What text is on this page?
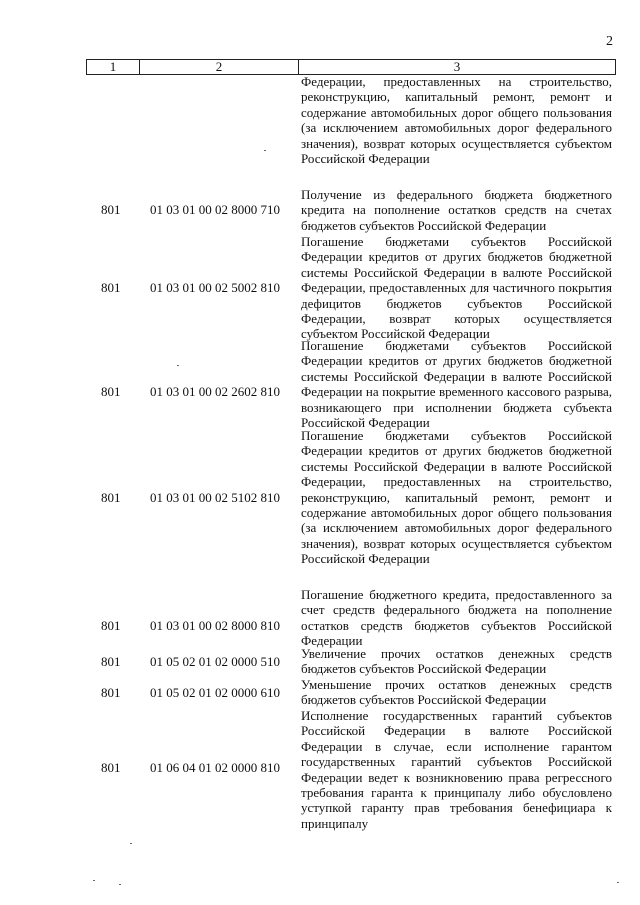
2
1	2	3
Федерации, предоставленных на строительство,
реконструкцию, капитальный ремонт, ремонт и
содержание автомобильных дорог общего пользования
(за исключением автомобильных дорог федерального
значения), возврат которых осуществляется субъектом
Российской Федерации
801 01 03 01 00 02 8000 710
Получение из федерального бюджета бюджетного
кредита на пополнение остатков средств на счетах
бюджетов субъектов Российской Федерации
801 01 03 01 00 02 5002 810
Погашение бюджетами субъектов Российской
Федерации кредитов от других бюджетов бюджетной
системы Российской Федерации в валюте Российской
Федерации, предоставленных для частичного покрытия
дефицитов бюджетов субъектов Российской
Федерации, возврат которых осуществляется
субъектом Российской Федерации
801 01 03 01 00 02 2602 810
Погашение бюджетами субъектов Российской
Федерации кредитов от других бюджетов бюджетной
системы Российской Федерации в валюте Российской
Федерации на покрытие временного кассового разрыва,
возникающего при исполнении бюджета субъекта
Российской Федерации
801 01 03 01 00 02 5102 810
Погашение бюджетами субъектов Российской
Федерации кредитов от других бюджетов бюджетной
системы Российской Федерации в валюте Российской
Федерации, предоставленных на строительство,
реконструкцию, капитальный ремонт, ремонт и
содержание автомобильных дорог общего пользования
(за исключением автомобильных дорог федерального
значения), возврат которых осуществляется субъектом
Российской Федерации
801 01 03 01 00 02 8000 810
Погашение бюджетного кредита, предоставленного за
счет средств федерального бюджета на пополнение
остатков средств бюджетов субъектов Российской
Федерации
801 01 05 02 01 02 0000 510
Увеличение прочих остатков денежных средств
бюджетов субъектов Российской Федерации
801 01 05 02 01 02 0000 610
Уменьшение прочих остатков денежных средств
бюджетов субъектов Российской Федерации
801 01 06 04 01 02 0000 810
Исполнение государственных гарантий субъектов
Российской Федерации в валюте Российской
Федерации в случае, если исполнение гарантом
государственных гарантий субъектов Российской
Федерации ведет к возникновению права регрессного
требования гаранта к принципалу либо обусловлено
уступкой гаранту прав требования бенефициара к
принципалу
